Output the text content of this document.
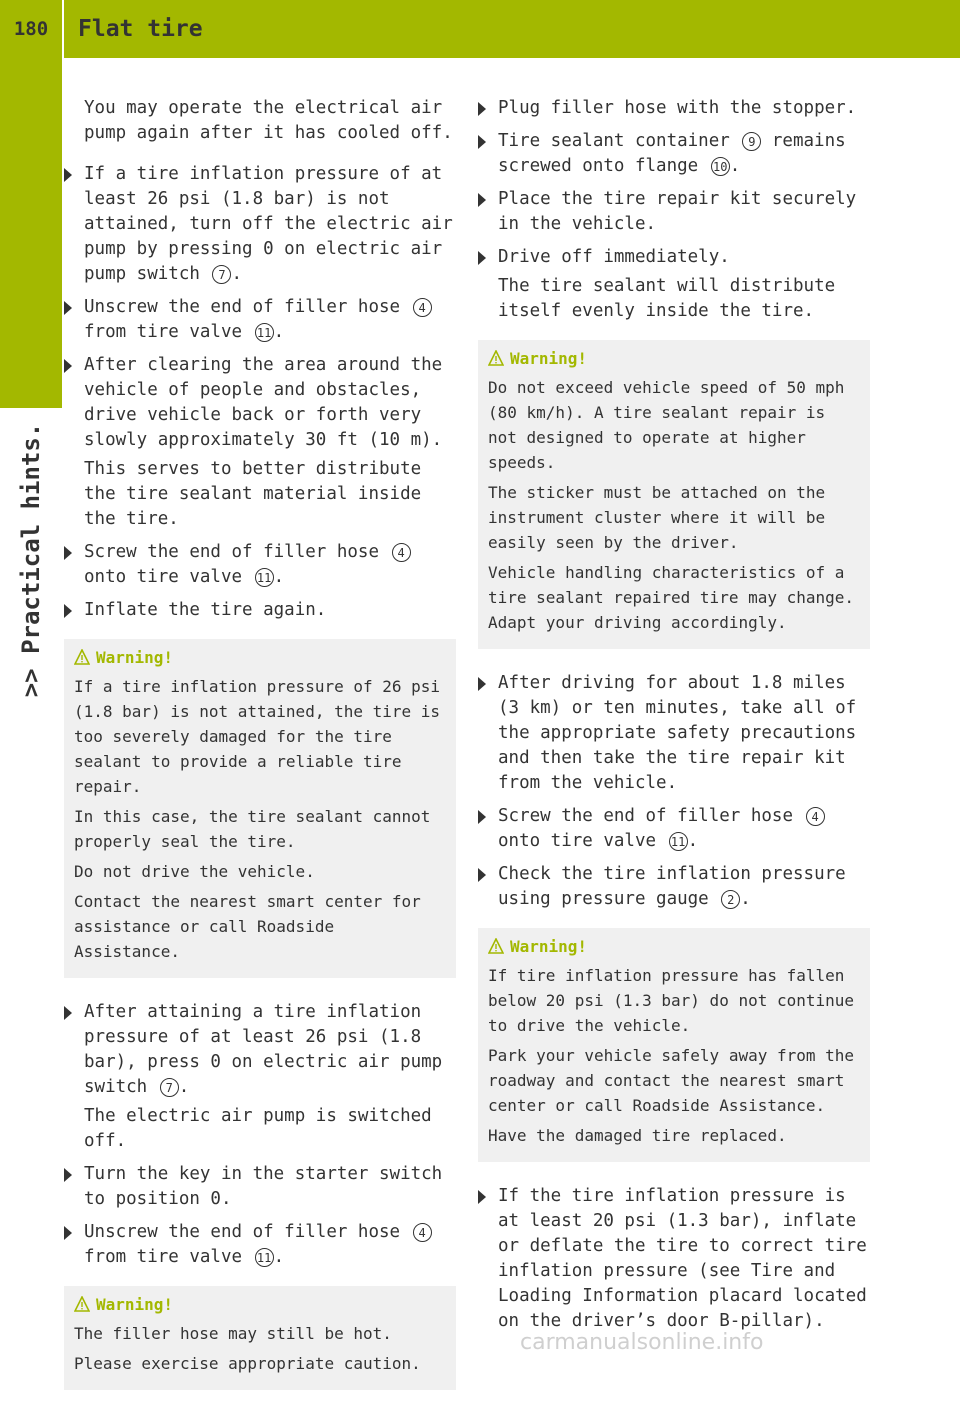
180	Flat tire
>> Practical hints.

You may operate the electrical air pump again after it has cooled off.

If a tire inflation pressure of at least 26 psi (1.8 bar) is not attained, turn off the electric air pump by pressing 0 on electric air pump switch 7 .
Unscrew the end of filler hose 4 from tire valve 11 .
After clearing the area around the vehicle of people and obstacles, drive vehicle back or forth very slowly approximately 30 ft (10 m).
This serves to better distribute the tire sealant material inside the tire.
Screw the end of filler hose 4 onto tire valve 11 .
Inflate the tire again.
Warning!

If a tire inflation pressure of 26 psi (1.8 bar) is not attained, the tire is too severely damaged for the tire sealant to provide a reliable tire repair.

In this case, the tire sealant cannot properly seal the tire.

Do not drive the vehicle.

Contact the nearest smart center for assistance or call Roadside Assistance.

After attaining a tire inflation pressure of at least 26 psi (1.8 bar), press 0 on electric air pump switch 7 .
The electric air pump is switched off.
Turn the key in the starter switch to position 0.
Unscrew the end of filler hose 4 from tire valve 11 .
Warning!

The filler hose may still be hot.

Please exercise appropriate caution.

Plug filler hose with the stopper.
Tire sealant container 9 remains screwed onto flange 10 .
Place the tire repair kit securely in the vehicle.
Drive off immediately.
The tire sealant will distribute itself evenly inside the tire.
Warning!

Do not exceed vehicle speed of 50 mph (80 km/h). A tire sealant repair is not designed to operate at higher speeds.

The sticker must be attached on the instrument cluster where it will be easily seen by the driver.

Vehicle handling characteristics of a tire sealant repaired tire may change. Adapt your driving accordingly.

After driving for about 1.8 miles (3 km) or ten minutes, take all of the appropriate safety precautions and then take the tire repair kit from the vehicle.
Screw the end of filler hose 4 onto tire valve 11 .
Check the tire inflation pressure using pressure gauge 2 .
Warning!

If tire inflation pressure has fallen below 20 psi (1.3 bar) do not continue to drive the vehicle.

Park your vehicle safely away from the roadway and contact the nearest smart center or call Roadside Assistance.

Have the damaged tire replaced.

If the tire inflation pressure is at least 20 psi (1.3 bar), inflate or deflate the tire to correct tire inflation pressure (see Tire and Loading Information placard located on the driver’s door B-pillar).
carmanualsonline.info
